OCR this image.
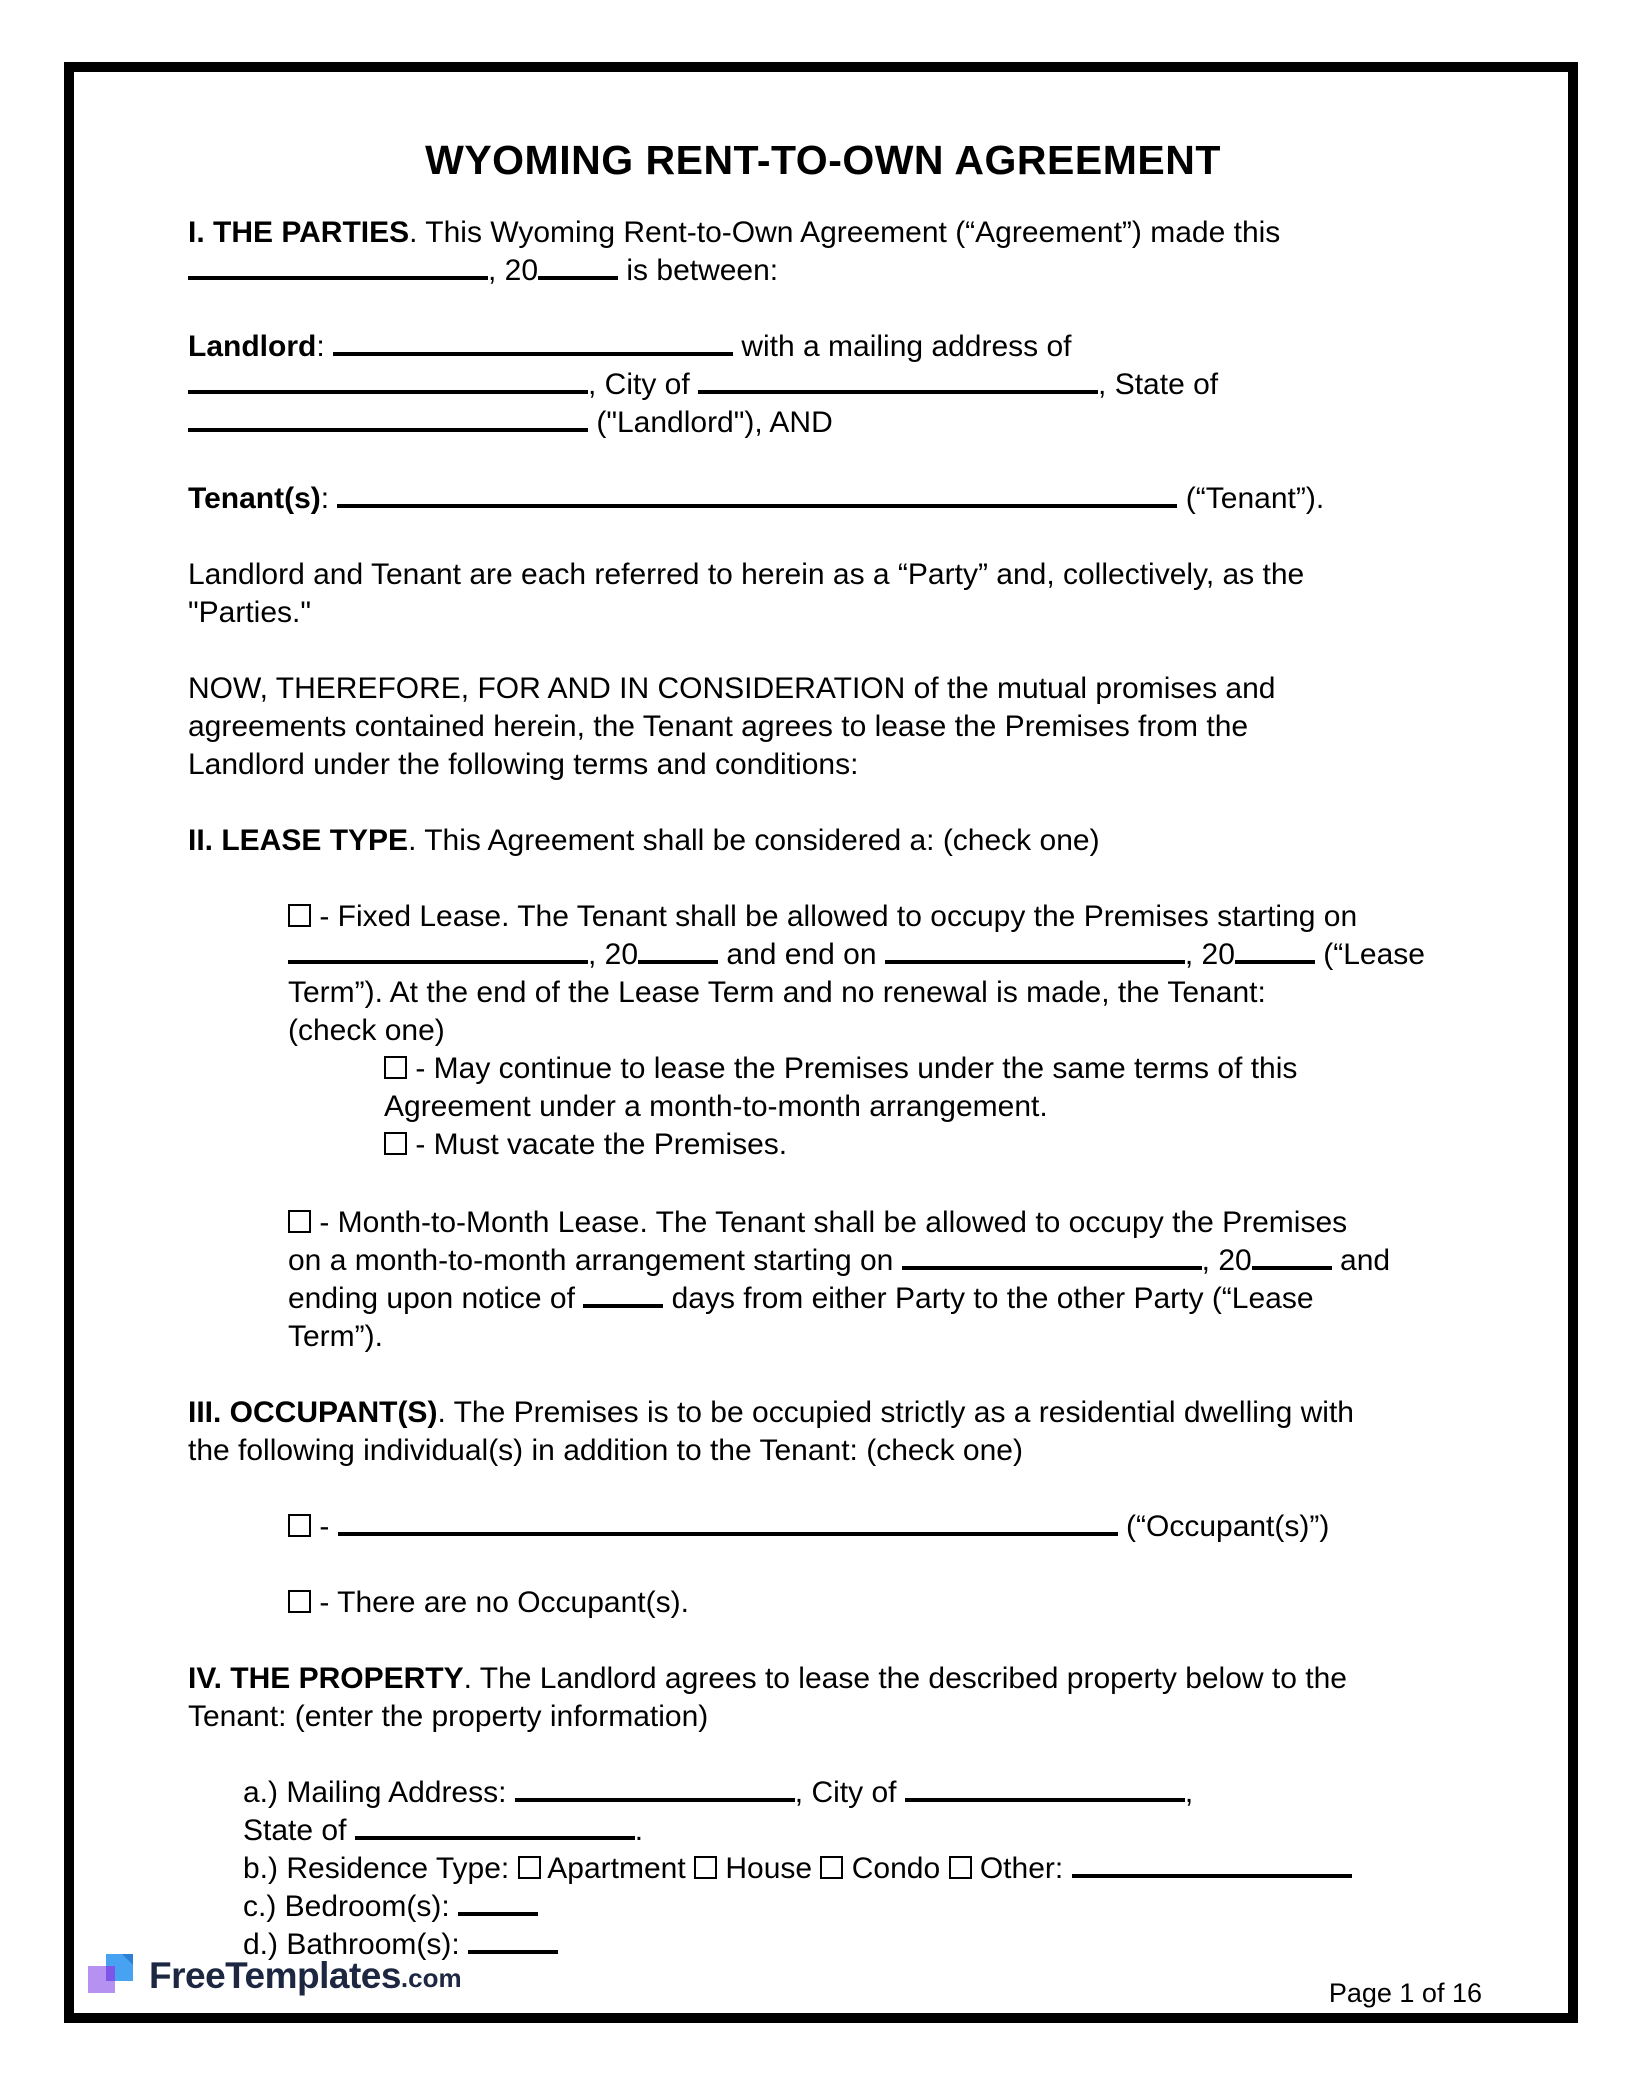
WYOMING RENT-TO-OWN AGREEMENT
I. THE PARTIES. This Wyoming Rent-to-Own Agreement (“Agreement”) made this
, 20	is between:
Landlord:	with a mailing address of
, City of	, State of
("Landlord"), AND
Tenant(s):	(“Tenant”).
Landlord and Tenant are each referred to herein as a “Party” and, collectively, as the
"Parties."
NOW, THEREFORE, FOR AND IN CONSIDERATION of the mutual promises and
agreements contained herein, the Tenant agrees to lease the Premises from the
Landlord under the following terms and conditions:
II. LEASE TYPE. This Agreement shall be considered a: (check one)
- Fixed Lease. The Tenant shall be allowed to occupy the Premises starting on
, 20	and end on	, 20	(“Lease
Term”). At the end of the Lease Term and no renewal is made, the Tenant:
(check one)
- May continue to lease the Premises under the same terms of this
Agreement under a month-to-month arrangement.
- Must vacate the Premises.
- Month-to-Month Lease. The Tenant shall be allowed to occupy the Premises
on a month-to-month arrangement starting on	, 20	and
ending upon notice of	days from either Party to the other Party (“Lease
Term”).
III. OCCUPANT(S). The Premises is to be occupied strictly as a residential dwelling with
the following individual(s) in addition to the Tenant: (check one)
-	(“Occupant(s)”)
- There are no Occupant(s).
IV. THE PROPERTY. The Landlord agrees to lease the described property below to the
Tenant: (enter the property information)
a.) Mailing Address:	, City of	,
State of	.
b.) Residence Type:  Apartment  House  Condo  Other:
c.) Bedroom(s):
d.) Bathroom(s):
FreeTemplates .com	Page 1 of 16
